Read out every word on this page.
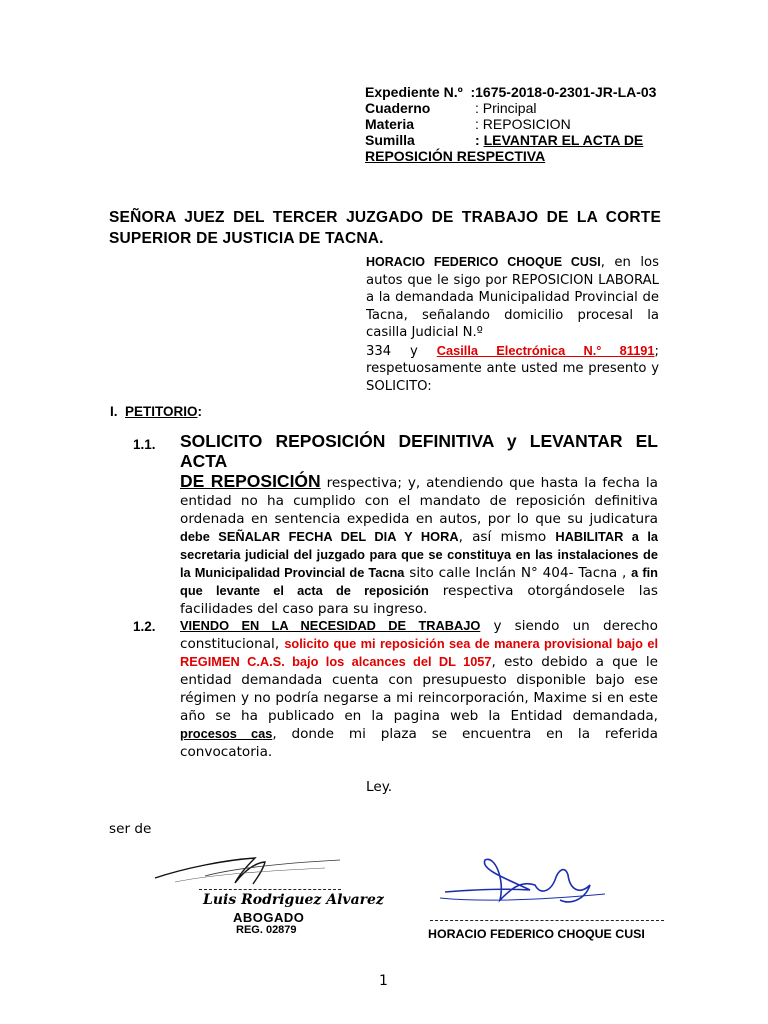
Expediente N.º :1675-2018-0-2301-JR-LA-03
Cuaderno	: Principal
Materia	: REPOSICION
Sumilla	: LEVANTAR EL ACTA DE REPOSICIÓN RESPECTIVA
SEÑORA JUEZ DEL TERCER JUZGADO DE TRABAJO DE LA CORTE SUPERIOR DE JUSTICIA DE TACNA.
HORACIO FEDERICO CHOQUE CUSI, en los autos que le sigo por REPOSICION LABORAL a la demandada Municipalidad Provincial de Tacna, señalando domicilio procesal la casilla Judicial N.º
334 y Casilla Electrónica N.° 81191; respetuosamente ante usted me presento y SOLICITO:
I. PETITORIO:
1.1. SOLICITO REPOSICIÓN DEFINITIVA y LEVANTAR EL ACTA
DE REPOSICIÓN respectiva; y, atendiendo que hasta la fecha la entidad no ha cumplido con el mandato de reposición definitiva ordenada en sentencia expedida en autos, por lo que su judicatura debe SEÑALAR FECHA DEL DIA Y HORA, así mismo HABILITAR a la secretaria judicial del juzgado para que se constituya en las instalaciones de la Municipalidad Provincial de Tacna sito calle Inclán N° 404- Tacna , a fin que levante el acta de reposición respectiva otorgándosele las facilidades del caso para su ingreso.
1.2. VIENDO EN LA NECESIDAD DE TRABAJO y siendo un derecho constitucional, solicito que mi reposición sea de manera provisional bajo el REGIMEN C.A.S. bajo los alcances del DL 1057, esto debido a que le entidad demandada cuenta con presupuesto disponible bajo ese régimen y no podría negarse a mi reincorporación, Maxime si en este año se ha publicado en la pagina web la Entidad demandada, procesos cas, donde mi plaza se encuentra en la referida convocatoria.
Ley.
ser de
Luis Rodriguez Alvarez
ABOGADO
REG. 02879	HORACIO FEDERICO CHOQUE CUSI
1
